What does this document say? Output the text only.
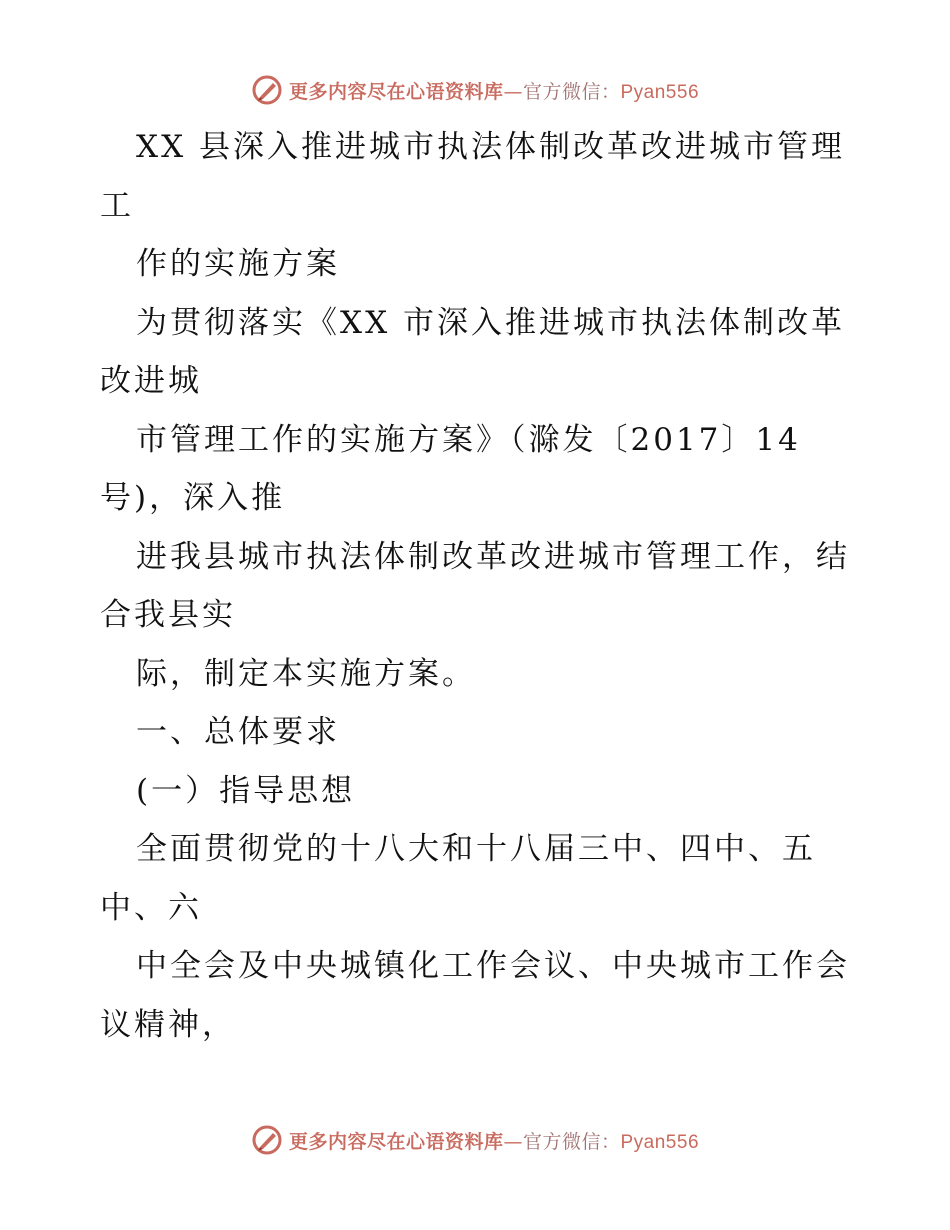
更多内容尽在心语资料库—官方微信：Pyan556
XX 县深入推进城市执法体制改革改进城市管理
工
作的实施方案
为贯彻落实《XX 市深入推进城市执法体制改革
改进城
市管理工作的实施方案》（滁发〔2017〕14
号)，深入推
进我县城市执法体制改革改进城市管理工作，结
合我县实
际，制定本实施方案。
一、总体要求
(一）指导思想
全面贯彻党的十八大和十八届三中、四中、五
中、六
中全会及中央城镇化工作会议、中央城市工作会
议精神，
更多内容尽在心语资料库—官方微信：Pyan556
